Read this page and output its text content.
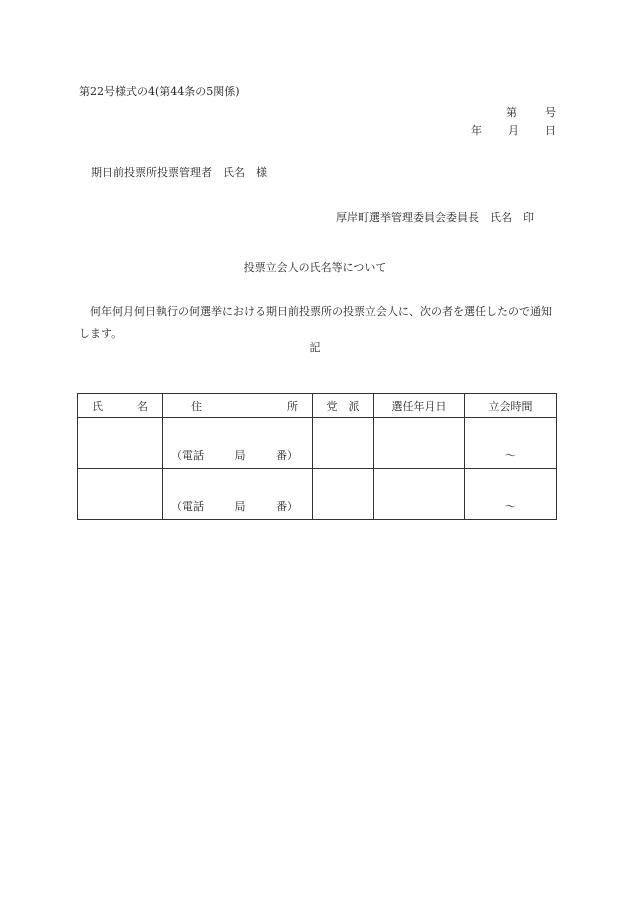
第22号様式の4(第44条の5関係)
第	号
年 月 日
期日前投票所投票管理者　氏名　様
厚岸町選挙管理委員会委員長　氏名　印
投票立会人の氏名等について
何年何月何日執行の何選挙における期日前投票所の投票立会人に、次の者を選任したので通知します。
記
氏 名	住 所	党　派	選任年月日	立会時間

	（電話 局 番）			～

	（電話 局 番）			～
